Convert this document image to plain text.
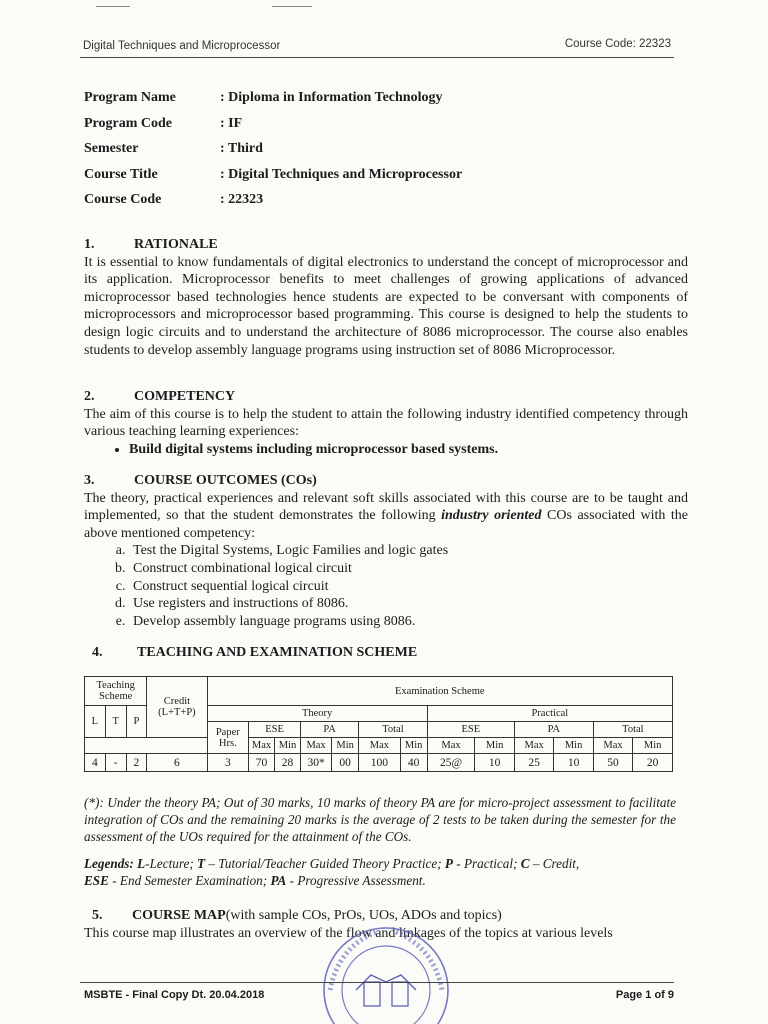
Digital Techniques and Microprocessor	Course Code: 22323
Program Name	: Diploma in Information Technology
Program Code	: IF
Semester	: Third
Course Title	: Digital Techniques and Microprocessor
Course Code	: 22323
1.	RATIONALE

It is essential to know fundamentals of digital electronics to understand the concept of microprocessor and its application. Microprocessor benefits to meet challenges of growing applications of advanced microprocessor based technologies hence students are expected to be conversant with components of microprocessors and microprocessor based programming. This course is designed to help the students to design logic circuits and to understand the architecture of 8086 microprocessor. The course also enables students to develop assembly language programs using instruction set of 8086 Microprocessor.

2.	COMPETENCY

The aim of this course is to help the student to attain the following industry identified competency through various teaching learning experiences:

• Build digital systems including microprocessor based systems.
3.	COURSE OUTCOMES (COs)

The theory, practical experiences and relevant soft skills associated with this course are to be taught and implemented, so that the student demonstrates the following industry oriented COs associated with the above mentioned competency:

a. Test the Digital Systems, Logic Families and logic gates
b. Construct combinational logical circuit
c. Construct sequential logical circuit
d. Use registers and instructions of 8086.
e. Develop assembly language programs using 8086.
4.	TEACHING AND EXAMINATION SCHEME
Teaching Scheme			Credit (L+T+P)	Examination Scheme												
L	T	P		Theory							Practical					
				Paper Hrs.	ESE		PA		Total		ESE		PA		Total	
					Max	Min	Max	Min	Max	Min	Max	Min	Max	Min	Max	Min
4	-	2	6	3	70	28	30*	00	100	40	25@	10	25	10	50	20

(*): Under the theory PA; Out of 30 marks, 10 marks of theory PA are for micro-project assessment to facilitate integration of COs and the remaining 20 marks is the average of 2 tests to be taken during the semester for the assessment of the UOs required for the attainment of the COs.

Legends: L-Lecture; T – Tutorial/Teacher Guided Theory Practice; P - Practical; C – Credit,
ESE - End Semester Examination; PA - Progressive Assessment.

5.	COURSE MAP (with sample COs, PrOs, UOs, ADOs and topics)

This course map illustrates an overview of the flow and linkages of the topics at various levels

MSBTE - Final Copy Dt. 20.04.2018	Page 1 of 9
